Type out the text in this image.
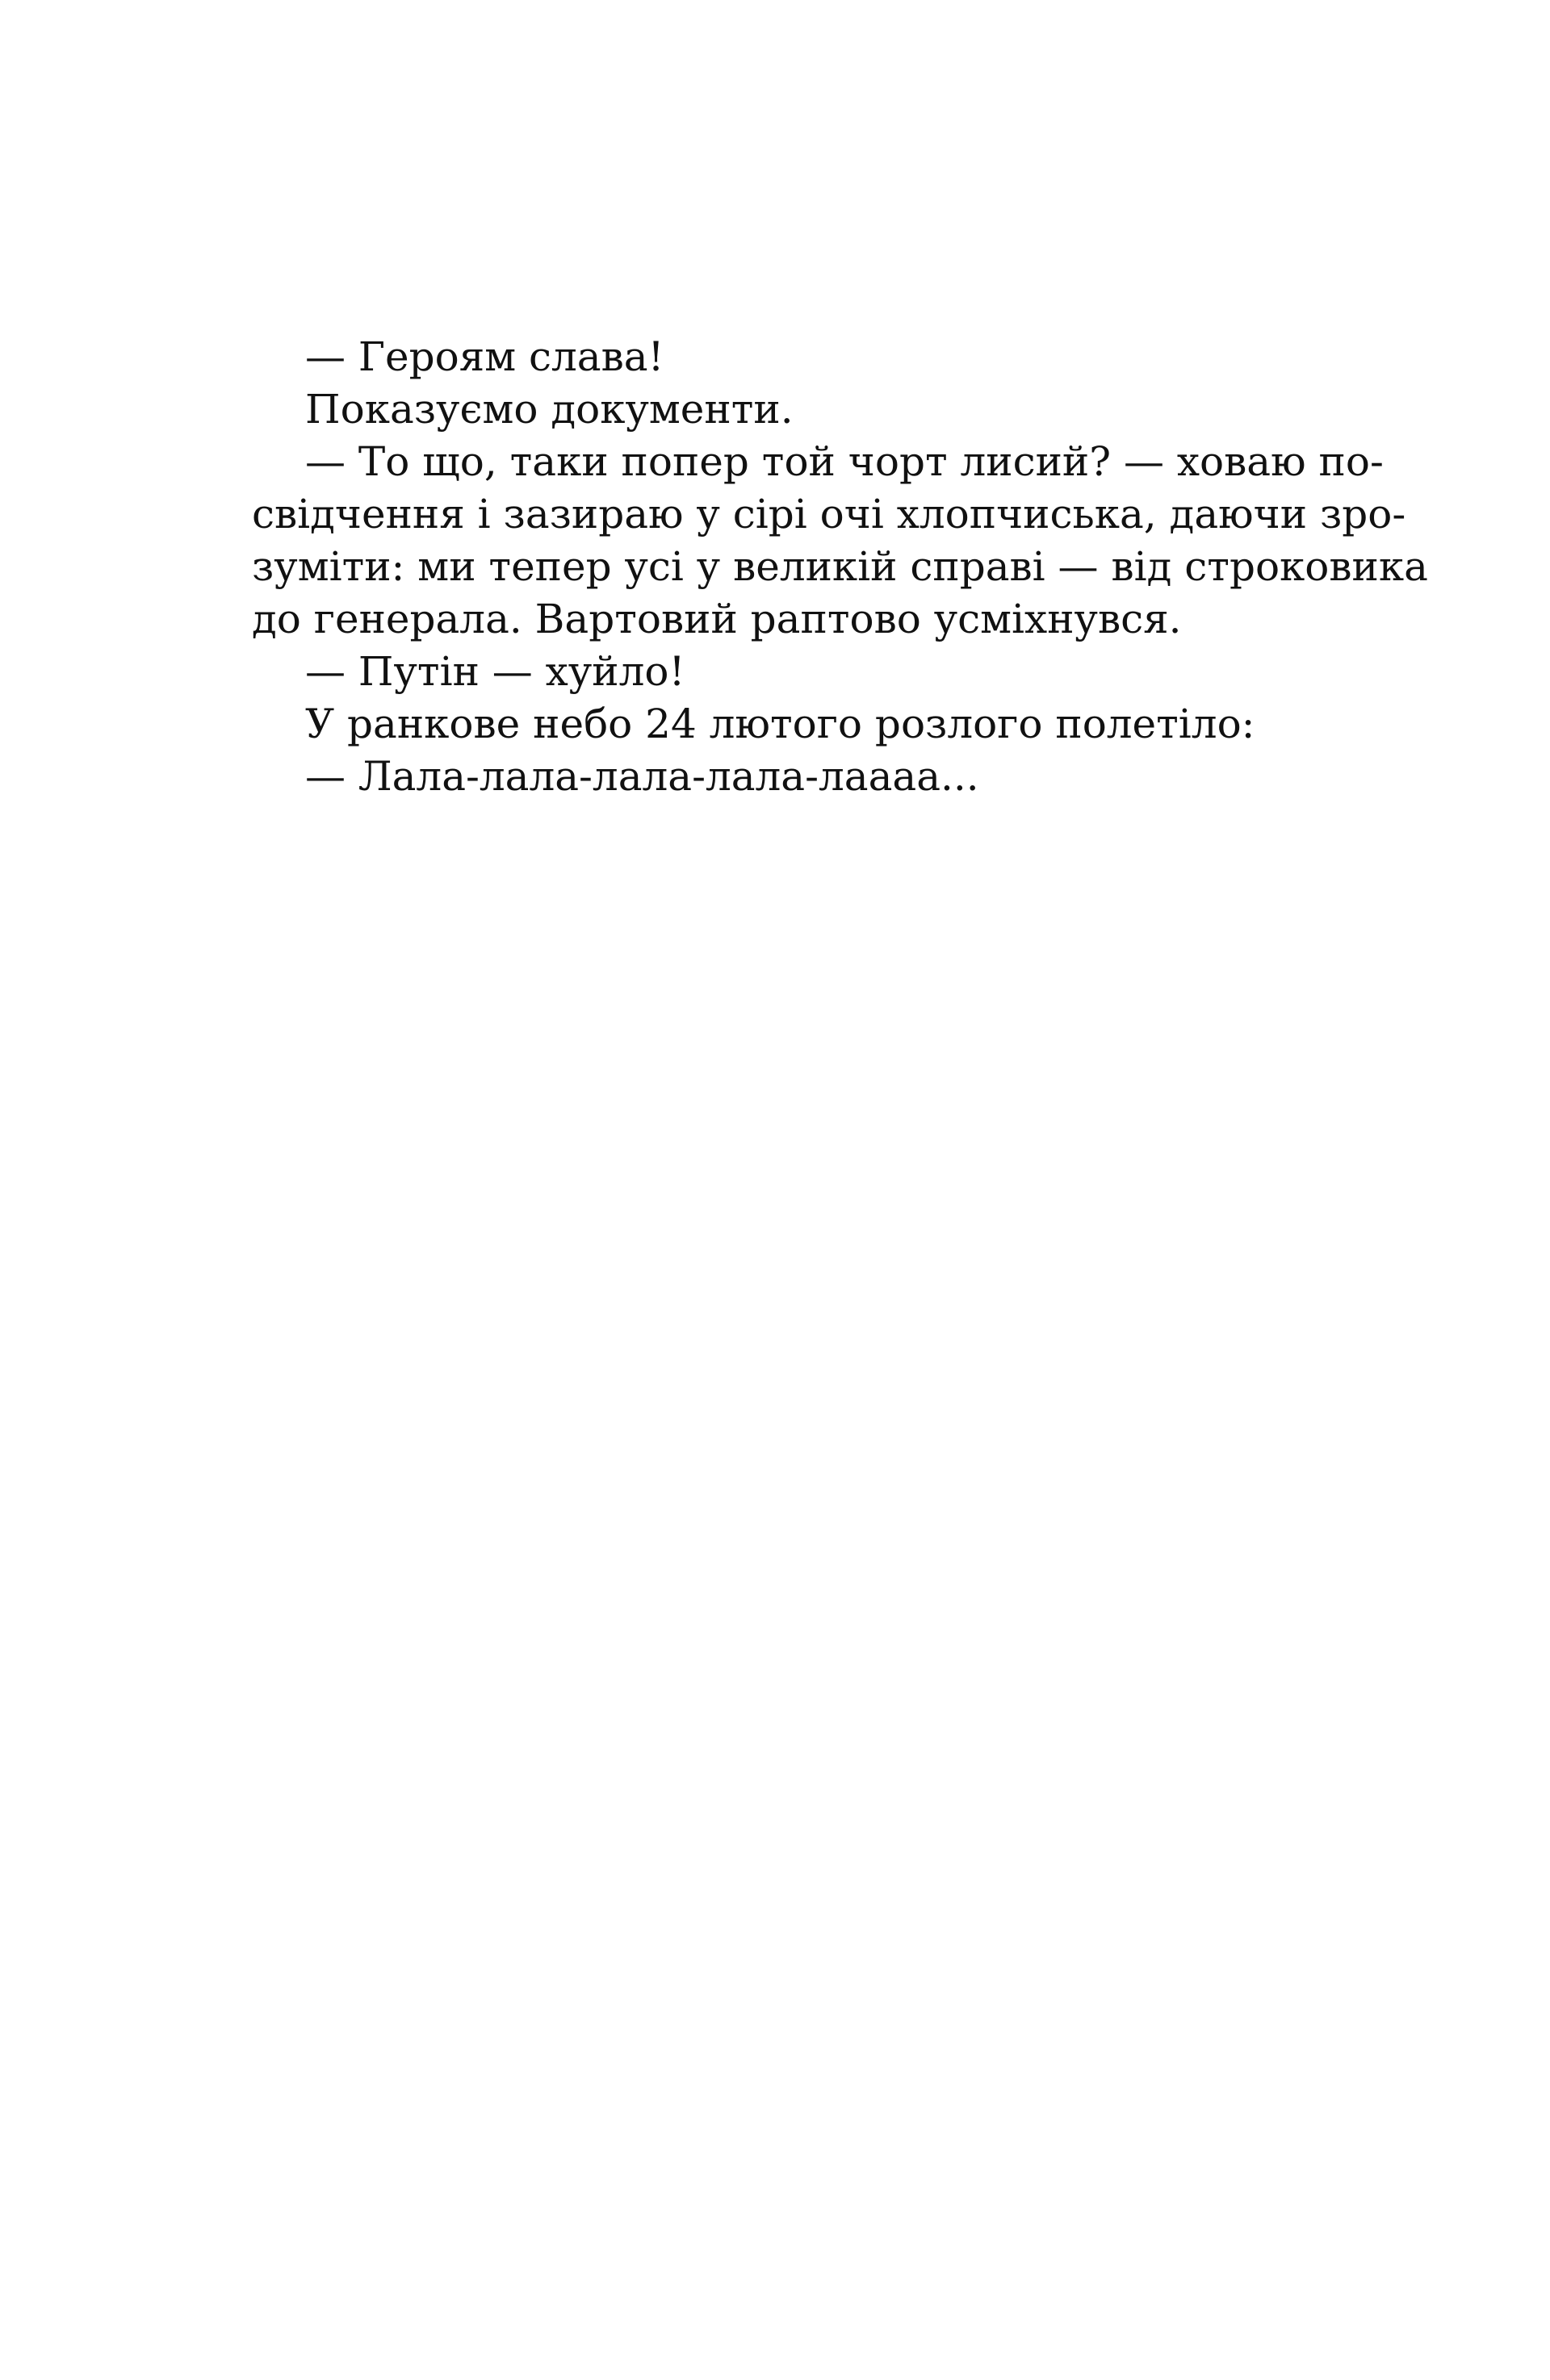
— Героям слава!
Показуємо документи.
— То що, таки попер той чорт лисий? — ховаю по-
свідчення і зазираю у сірі очі хлопчиська, даючи зро-
зуміти: ми тепер усі у великій справі — від строковика
до генерала. Вартовий раптово усміхнувся.
— Путін — хуйло!
У ранкове небо 24 лютого розлого полетіло:
— Лала-лала-лала-лала-лаааа...
